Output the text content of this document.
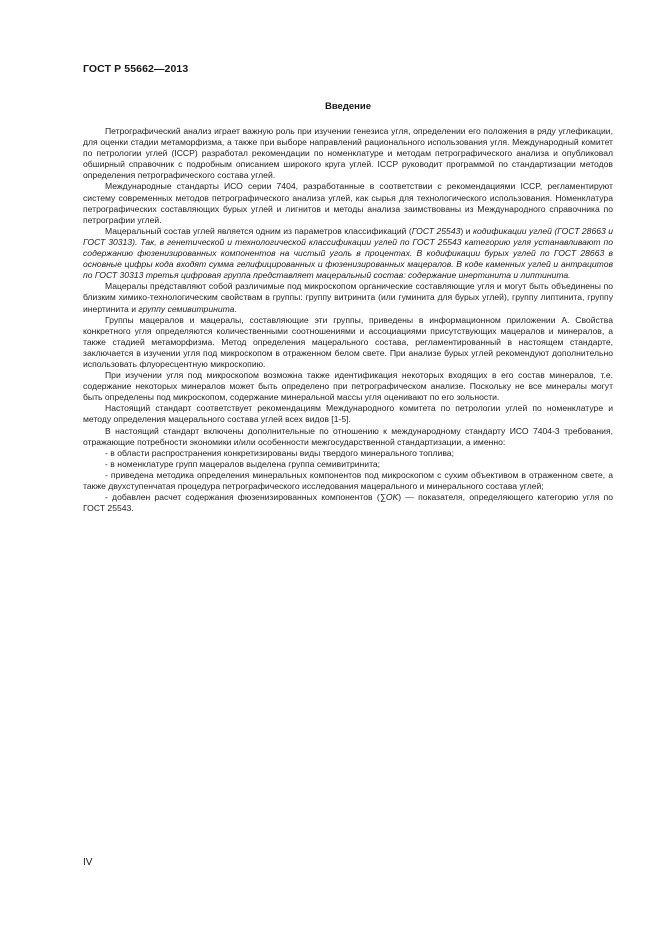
ГОСТ Р 55662—2013
Введение

Петрографический анализ играет важную роль при изучении генезиса угля, определении его положения в ряду углефикации, для оценки стадии метаморфизма, а также при выборе направлений рационального использования угля. Международный комитет по петрологии углей (ICCP) разработал рекомендации по номенклатуре и методам петрографического анализа и опубликовал обширный справочник с подробным описанием широкого круга углей. ICCP руководит программой по стандартизации методов определения петрографического состава углей.

Международные стандарты ИСО серии 7404, разработанные в соответствии с рекомендациями ICCP, регламентируют систему современных методов петрографического анализа углей, как сырья для технологического использования. Номенклатура петрографических составляющих бурых углей и лигнитов и методы анализа заимствованы из Международного справочника по петрографии углей.

Мацеральный состав углей является одним из параметров классификаций (ГОСТ 25543) и кодификации углей (ГОСТ 28663 и ГОСТ 30313). Так, в генетической и технологической классификации углей по ГОСТ 25543 категорию угля устанавливают по содержанию фюзенизированных компонентов на чистый уголь в процентах. В кодификации бурых углей по ГОСТ 28663 в основные цифры кода входят сумма гелифицированных и фюзенизированных мацералов. В коде каменных углей и антрацитов по ГОСТ 30313 третья цифровая группа представляет мацеральный состав: содержание инертинита и липтинита.

Мацералы представляют собой различимые под микроскопом органические составляющие угля и могут быть объединены по близким химико-технологическим свойствам в группы: группу витринита (или гуминита для бурых углей), группу липтинита, группу инертинита и группу семивитринита.

Группы мацералов и мацералы, составляющие эти группы, приведены в информационном приложении А. Свойства конкретного угля определяются количественными соотношениями и ассоциациями присутствующих мацералов и минералов, а также стадией метаморфизма. Метод определения мацерального состава, регламентированный в настоящем стандарте, заключается в изучении угля под микроскопом в отраженном белом свете. При анализе бурых углей рекомендуют дополнительно использовать флуоресцентную микроскопию.

При изучении угля под микроскопом возможна также идентификация некоторых входящих в его состав минералов, т.е. содержание некоторых минералов может быть определено при петрографическом анализе. Поскольку не все минералы могут быть определены под микроскопом, содержание минеральной массы угля оценивают по его зольности.

Настоящий стандарт соответствует рекомендациям Международного комитета по петрологии углей по номенклатуре и методу определения мацерального состава углей всех видов [1-5].

В настоящий стандарт включены дополнительные по отношению к международному стандарту ИСО 7404-3 требования, отражающие потребности экономики и/или особенности межгосударственной стандартизации, а именно:

- в области распространения конкретизированы виды твердого минерального топлива;

- в номенклатуре групп мацералов выделена группа семивитринита;

- приведена методика определения минеральных компонентов под микроскопом с сухим объективом в отраженном свете, а также двухступенчатая процедура петрографического исследования мацерального и минерального состава углей;

- добавлен расчет содержания фюзенизированных компонентов (∑OK) — показателя, определяющего категорию угля по ГОСТ 25543.

IV
